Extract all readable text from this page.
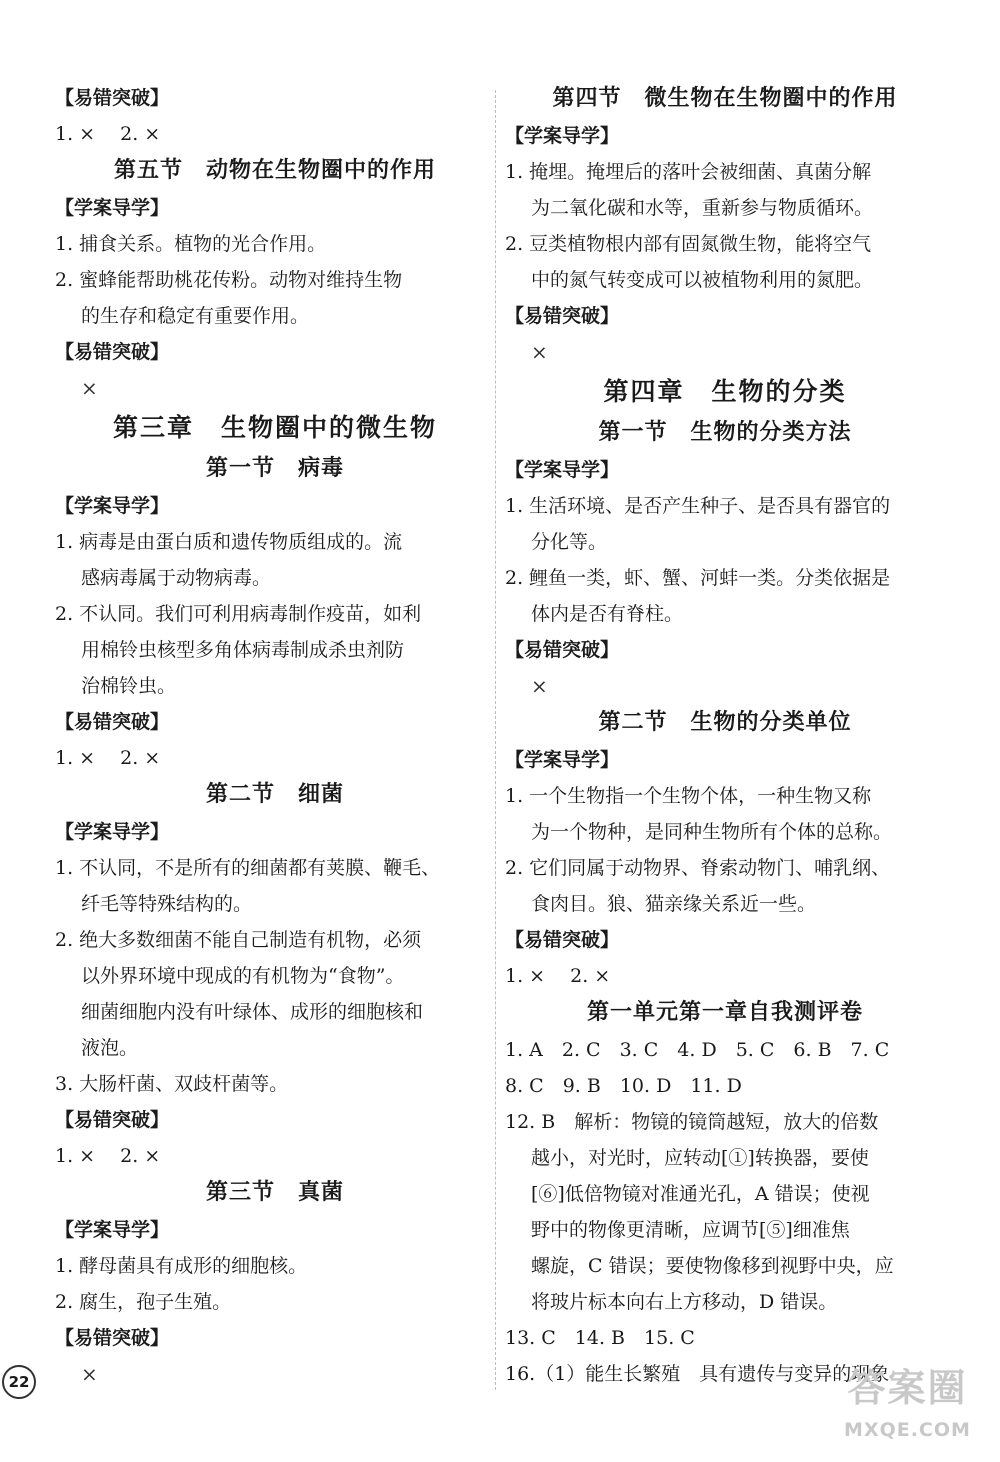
【易错突破】
1. ×　 2. ×
第五节　动物在生物圈中的作用
【学案导学】
1. 捕食关系。植物的光合作用。
2. 蜜蜂能帮助桃花传粉。动物对维持生物
的生存和稳定有重要作用。
【易错突破】
×
第三章　生物圈中的微生物
第一节　病毒
【学案导学】
1. 病毒是由蛋白质和遗传物质组成的。流
感病毒属于动物病毒。
2. 不认同。我们可利用病毒制作疫苗，如利
用棉铃虫核型多角体病毒制成杀虫剂防
治棉铃虫。
【易错突破】
1. ×　 2. ×
第二节　细菌
【学案导学】
1. 不认同，不是所有的细菌都有荚膜、鞭毛、
纤毛等特殊结构的。
2. 绝大多数细菌不能自己制造有机物，必须
以外界环境中现成的有机物为“食物”。
细菌细胞内没有叶绿体、成形的细胞核和
液泡。
3. 大肠杆菌、双歧杆菌等。
【易错突破】
1. ×　 2. ×
第三节　真菌
【学案导学】
1. 酵母菌具有成形的细胞核。
2. 腐生，孢子生殖。
【易错突破】
×
第四节　微生物在生物圈中的作用
【学案导学】
1. 掩埋。掩埋后的落叶会被细菌、真菌分解
为二氧化碳和水等，重新参与物质循环。
2. 豆类植物根内部有固氮微生物，能将空气
中的氮气转变成可以被植物利用的氮肥。
【易错突破】
×
第四章　生物的分类
第一节　生物的分类方法
【学案导学】
1. 生活环境、是否产生种子、是否具有器官的
分化等。
2. 鲤鱼一类，虾、蟹、河蚌一类。分类依据是
体内是否有脊柱。
【易错突破】
×
第二节　生物的分类单位
【学案导学】
1. 一个生物指一个生物个体，一种生物又称
为一个物种，是同种生物所有个体的总称。
2. 它们同属于动物界、脊索动物门、哺乳纲、
食肉目。狼、猫亲缘关系近一些。
【易错突破】
1. ×　 2. ×
第一单元第一章自我测评卷
1. A　2. C　3. C　4. D　5. C　6. B　7. C
8. C　9. B　10. D　11. D
12. B　解析：物镜的镜筒越短，放大的倍数
越小，对光时，应转动[①]转换器，要使
[⑥]低倍物镜对准通光孔，A 错误；使视
野中的物像更清晰，应调节[⑤]细准焦
螺旋，C 错误；要使物像移到视野中央，应
将玻片标本向右上方移动，D 错误。
13. C　14. B　15. C
16.（1）能生长繁殖　具有遗传与变异的现象
22	答案圈
MXQE.COM
